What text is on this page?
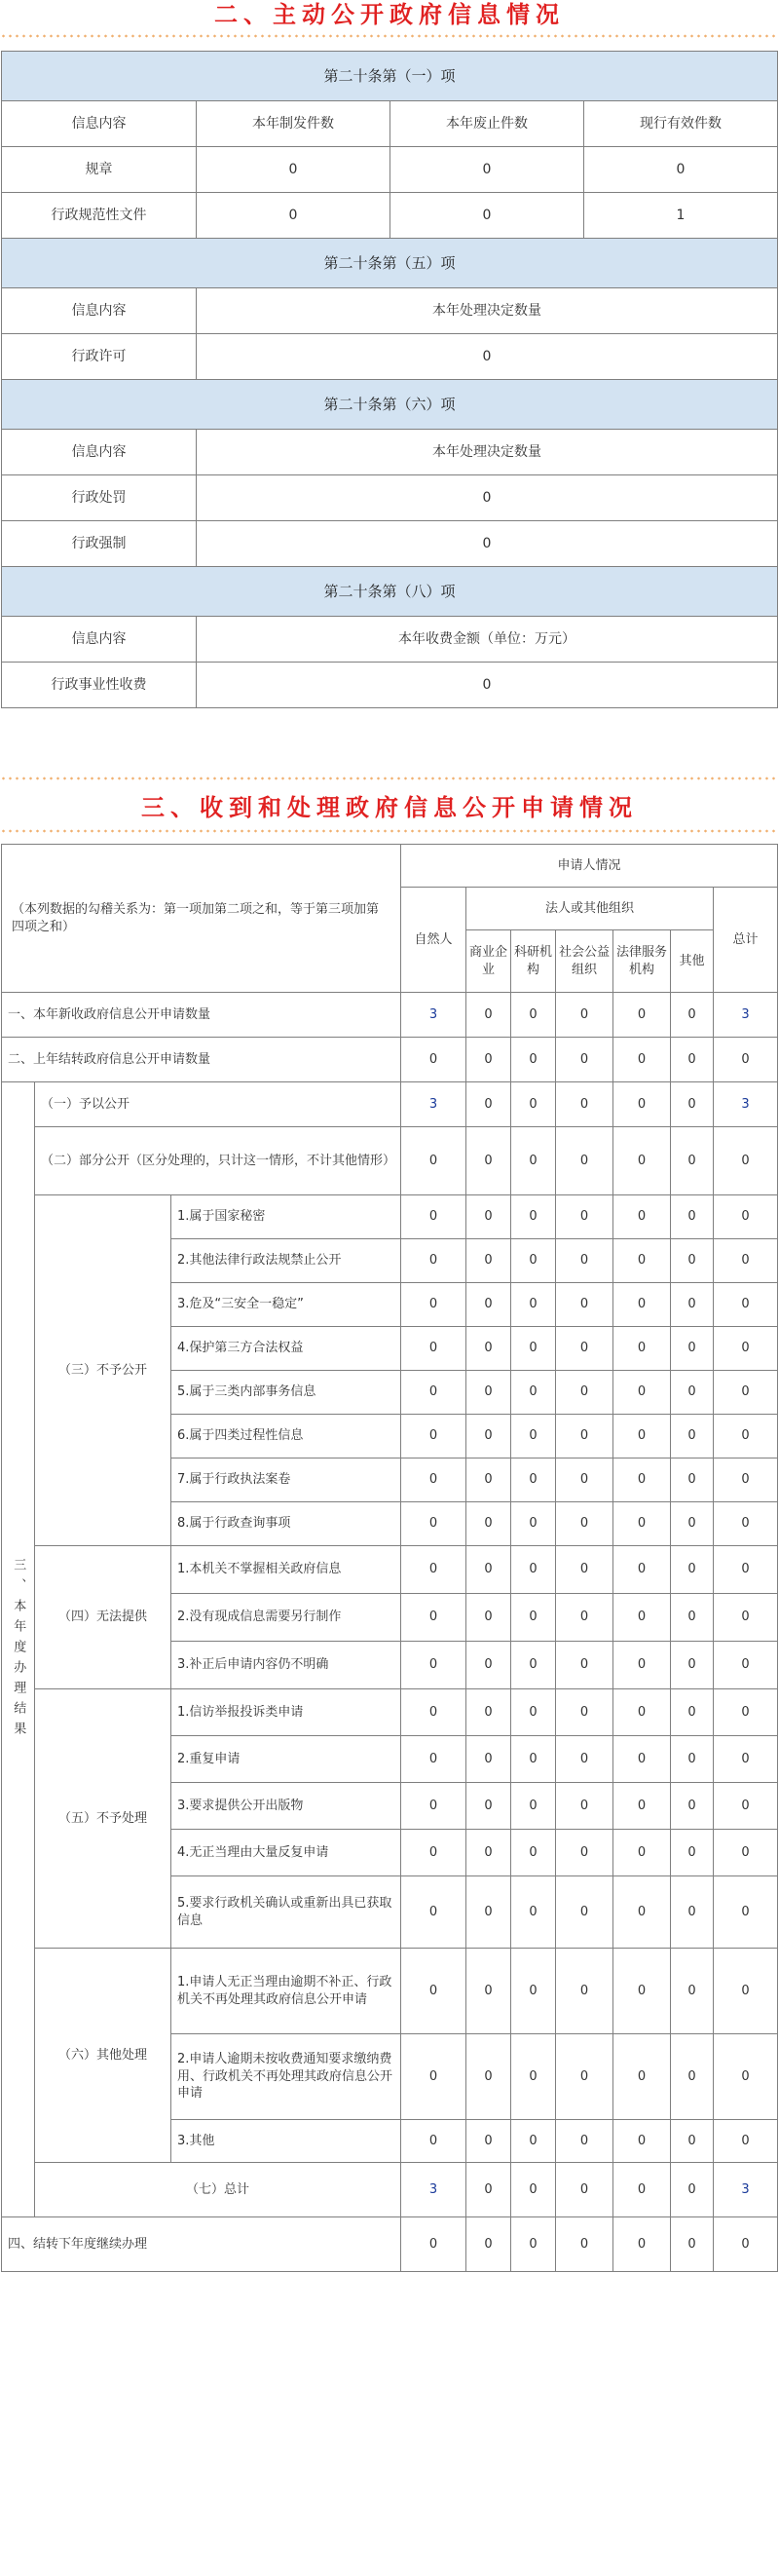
二、主动公开政府信息情况
第二十条第（一）项			
信息内容	本年制发件数	本年废止件数	现行有效件数
规章	0	0	0
行政规范性文件	0	0	1
第二十条第（五）项			
信息内容	本年处理决定数量		
行政许可	0		
第二十条第（六）项			
信息内容	本年处理决定数量		
行政处罚	0		
行政强制	0		
第二十条第（八）项			
信息内容	本年收费金额（单位：万元）		
行政事业性收费	0		
三、收到和处理政府信息公开申请情况
（本列数据的勾稽关系为：第一项加第二项之和，等于第三项加第四项之和）			申请人情况						
			自然人	法人或其他组织					总计
				商业企业	科研机构	社会公益组织	法律服务机构	其他	
一、本年新收政府信息公开申请数量			3	0	0	0	0	0	3
二、上年结转政府信息公开申请数量			0	0	0	0	0	0	0
三、本年度办理结果	（一）予以公开		3	0	0	0	0	0	3
	（二）部分公开（区分处理的，只计这一情形，不计其他情形）		0	0	0	0	0	0	0
	（三）不予公开	1.属于国家秘密	0	0	0	0	0	0	0
		2.其他法律行政法规禁止公开	0	0	0	0	0	0	0
		3.危及“三安全一稳定”	0	0	0	0	0	0	0
		4.保护第三方合法权益	0	0	0	0	0	0	0
		5.属于三类内部事务信息	0	0	0	0	0	0	0
		6.属于四类过程性信息	0	0	0	0	0	0	0
		7.属于行政执法案卷	0	0	0	0	0	0	0
		8.属于行政查询事项	0	0	0	0	0	0	0
	（四）无法提供	1.本机关不掌握相关政府信息	0	0	0	0	0	0	0
		2.没有现成信息需要另行制作	0	0	0	0	0	0	0
		3.补正后申请内容仍不明确	0	0	0	0	0	0	0
	（五）不予处理	1.信访举报投诉类申请	0	0	0	0	0	0	0
		2.重复申请	0	0	0	0	0	0	0
		3.要求提供公开出版物	0	0	0	0	0	0	0
		4.无正当理由大量反复申请	0	0	0	0	0	0	0
		5.要求行政机关确认或重新出具已获取信息	0	0	0	0	0	0	0
	（六）其他处理	1.申请人无正当理由逾期不补正、行政机关不再处理其政府信息公开申请	0	0	0	0	0	0	0
		2.申请人逾期未按收费通知要求缴纳费用、行政机关不再处理其政府信息公开申请	0	0	0	0	0	0	0
		3.其他	0	0	0	0	0	0	0
	（七）总计		3	0	0	0	0	0	3
四、结转下年度继续办理			0	0	0	0	0	0	0
